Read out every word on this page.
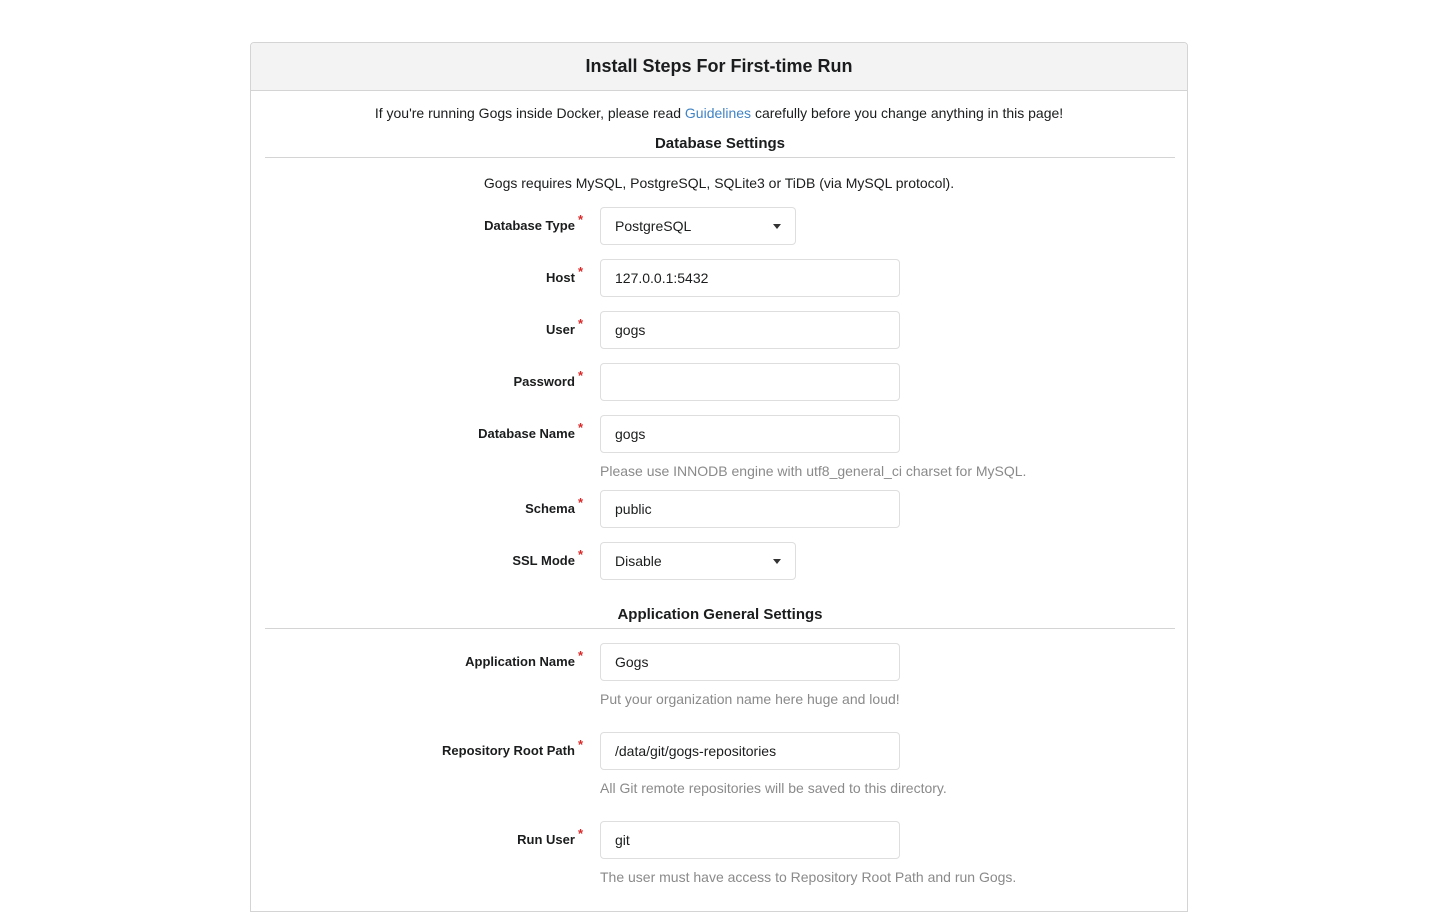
Install Steps For First-time Run
If you're running Gogs inside Docker, please read Guidelines carefully before you change anything in this page!
Database Settings
Gogs requires MySQL, PostgreSQL, SQLite3 or TiDB (via MySQL protocol).
Database Type *	PostgreSQL
Host *
127.0.0.1:5432
User *
gogs
Password *
Database Name *
gogs
Please use INNODB engine with utf8_general_ci charset for MySQL.
Schema *
public
SSL Mode *	Disable
Application General Settings
Application Name *
Gogs
Put your organization name here huge and loud!
Repository Root Path *
/data/git/gogs-repositories
All Git remote repositories will be saved to this directory.
Run User *
git
The user must have access to Repository Root Path and run Gogs.
